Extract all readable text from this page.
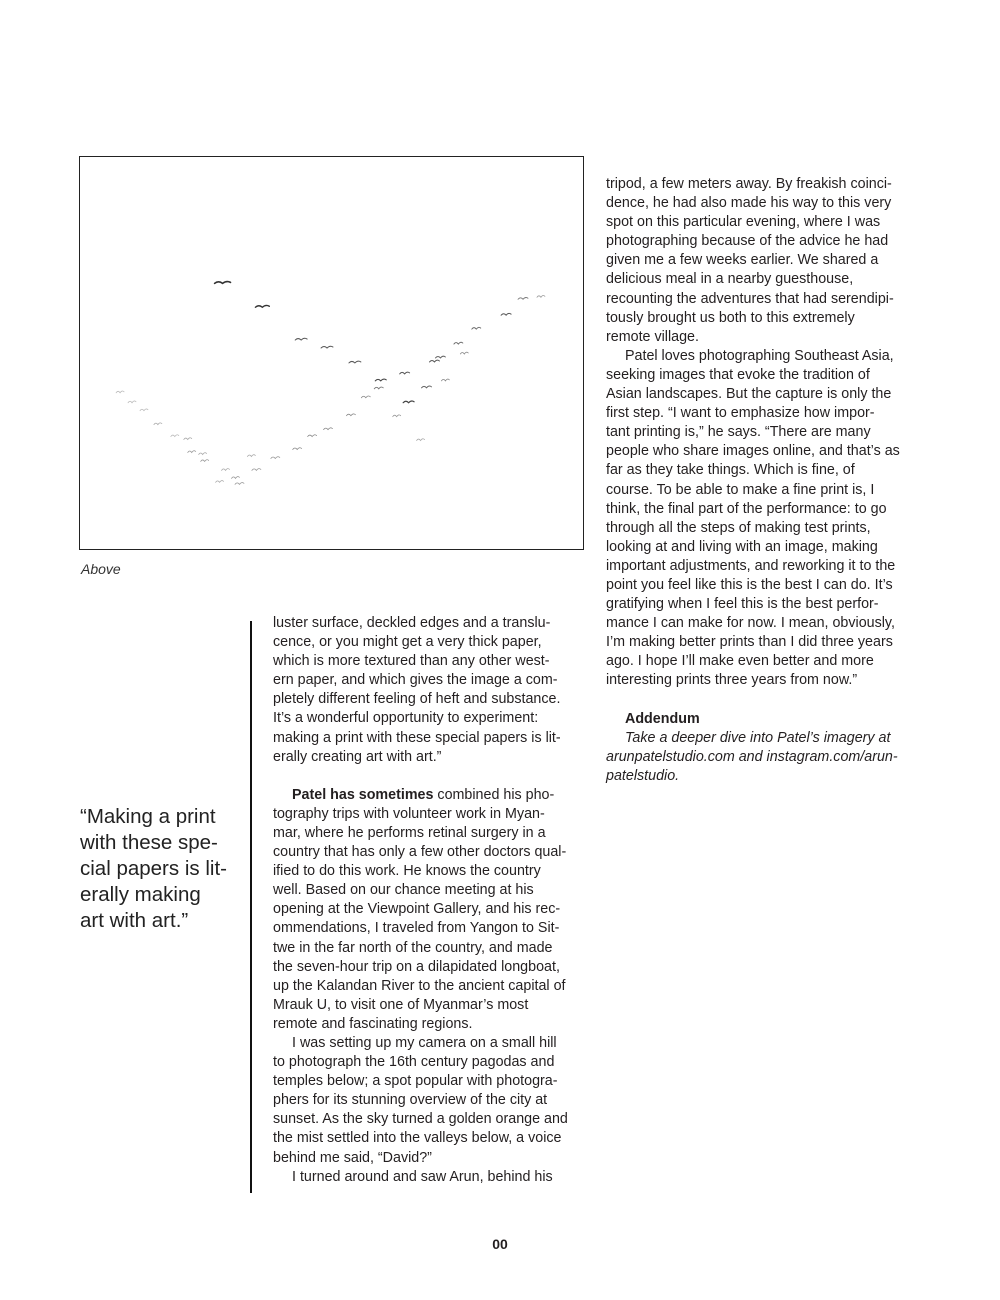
Above
“Making a print
with these spe-
cial papers is lit-
erally making
art with art.”

luster surface, deckled edges and a translu-
cence, or you might get a very thick paper,
which is more textured than any other west-
ern paper, and which gives the image a com-
pletely different feeling of heft and substance.
It’s a wonderful opportunity to experiment:
making a print with these special papers is lit-
erally creating art with art.”

Patel has sometimes combined his pho-
tography trips with volunteer work in Myan-
mar, where he performs retinal surgery in a
country that has only a few other doctors qual-
ified to do this work. He knows the country
well. Based on our chance meeting at his
opening at the Viewpoint Gallery, and his rec-
ommendations, I traveled from Yangon to Sit-
twe in the far north of the country, and made
the seven-hour trip on a dilapidated longboat,
up the Kalandan River to the ancient capital of
Mrauk U, to visit one of Myanmar’s most
remote and fascinating regions.

I was setting up my camera on a small hill
to photograph the 16th century pagodas and
temples below; a spot popular with photogra-
phers for its stunning overview of the city at
sunset. As the sky turned a golden orange and
the mist settled into the valleys below, a voice
behind me said, “David?”

I turned around and saw Arun, behind his

tripod, a few meters away. By freakish coinci-
dence, he had also made his way to this very
spot on this particular evening, where I was
photographing because of the advice he had
given me a few weeks earlier. We shared a
delicious meal in a nearby guesthouse,
recounting the adventures that had serendipi-
tously brought us both to this extremely
remote village.

Patel loves photographing Southeast Asia,
seeking images that evoke the tradition of
Asian landscapes. But the capture is only the
first step. “I want to emphasize how impor-
tant printing is,” he says. “There are many
people who share images online, and that’s as
far as they take things. Which is fine, of
course. To be able to make a fine print is, I
think, the final part of the performance: to go
through all the steps of making test prints,
looking at and living with an image, making
important adjustments, and reworking it to the
point you feel like this is the best I can do. It’s
gratifying when I feel this is the best perfor-
mance I can make for now. I mean, obviously,
I’m making better prints than I did three years
ago. I hope I’ll make even better and more
interesting prints three years from now.”

Addendum
Take a deeper dive into Patel’s imagery at
arunpatelstudio.com and instagram.com/arun-
patelstudio.

00
